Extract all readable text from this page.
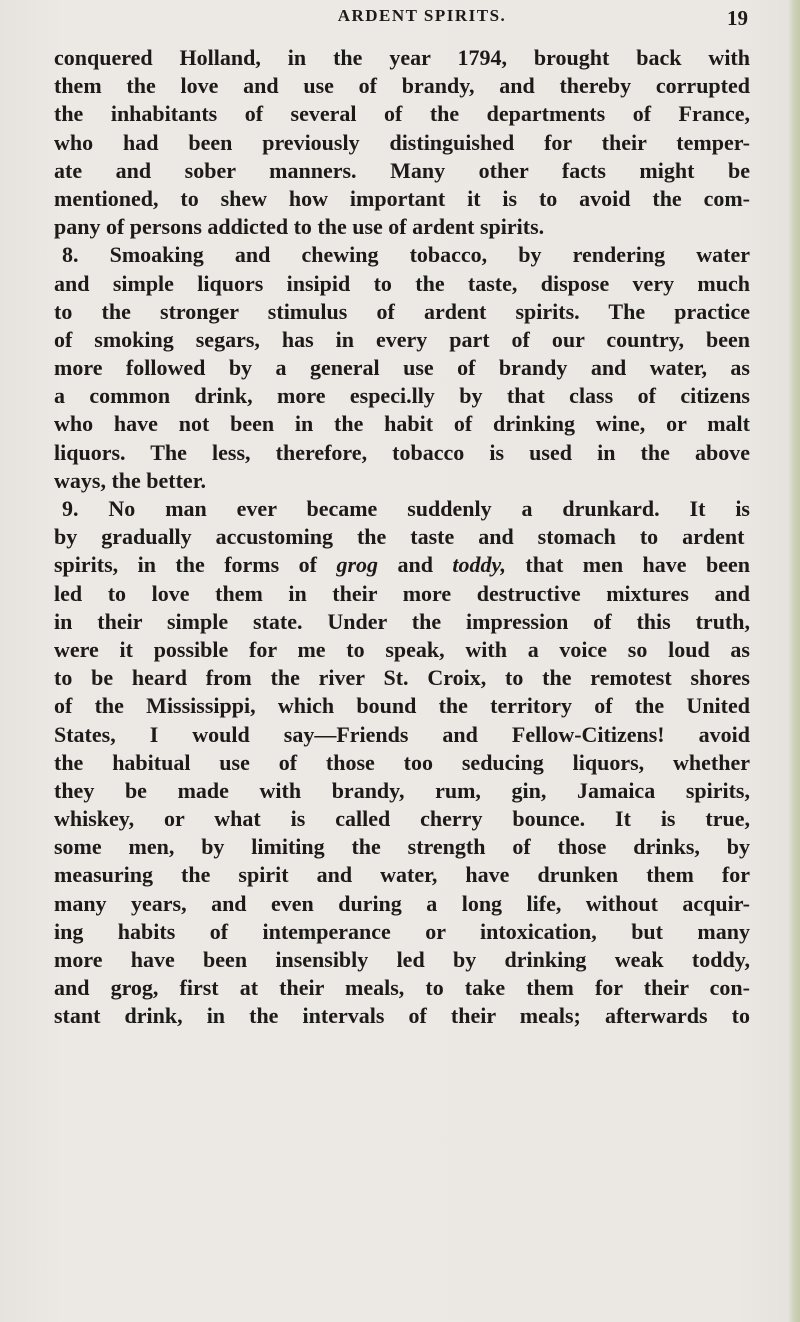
ARDENT SPIRITS.	19
conquered Holland, in the year 1794, brought back with
them the love and use of brandy, and thereby corrupted
the inhabitants of several of the departments of France,
who had been previously distinguished for their temper-
ate and sober manners. Many other facts might be
mentioned, to shew how important it is to avoid the com-
pany of persons addicted to the use of ardent spirits.
8. Smoaking and chewing tobacco, by rendering water
and simple liquors insipid to the taste, dispose very much
to the stronger stimulus of ardent spirits. The practice
of smoking segars, has in every part of our country, been
more followed by a general use of brandy and water, as
a common drink, more especi.lly by that class of citizens
who have not been in the habit of drinking wine, or malt
liquors. The less, therefore, tobacco is used in the above
ways, the better.
9. No man ever became suddenly a drunkard. It is
by gradually accustoming the taste and stomach to ardent
spirits, in the forms of grog and toddy, that men have been
led to love them in their more destructive mixtures and
in their simple state. Under the impression of this truth,
were it possible for me to speak, with a voice so loud as
to be heard from the river St. Croix, to the remotest shores
of the Mississippi, which bound the territory of the United
States, I would say—Friends and Fellow-Citizens! avoid
the habitual use of those too seducing liquors, whether
they be made with brandy, rum, gin, Jamaica spirits,
whiskey, or what is called cherry bounce. It is true,
some men, by limiting the strength of those drinks, by
measuring the spirit and water, have drunken them for
many years, and even during a long life, without acquir-
ing habits of intemperance or intoxication, but many
more have been insensibly led by drinking weak toddy,
and grog, first at their meals, to take them for their con-
stant drink, in the intervals of their meals; afterwards to
